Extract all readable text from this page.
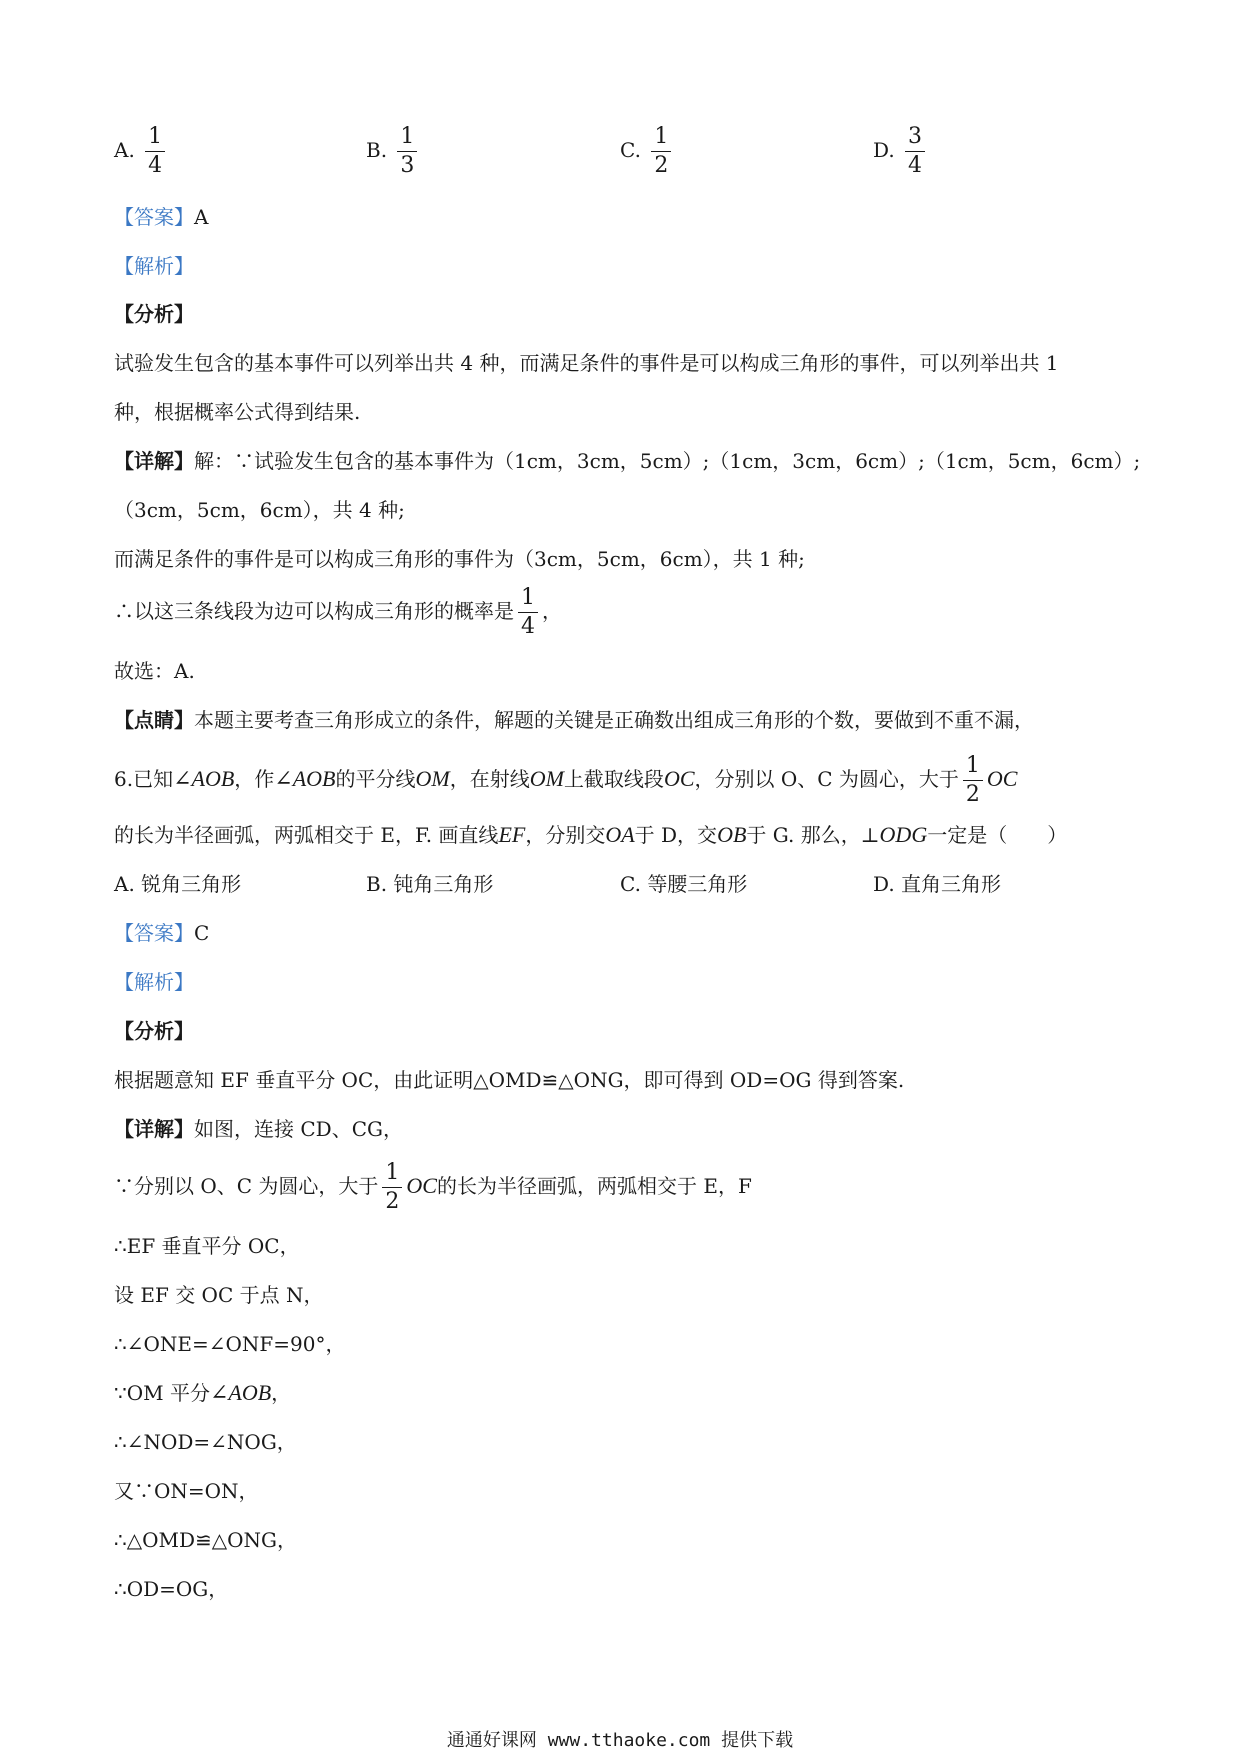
A. $\frac{1}{4}$	B. $\frac{1}{3}$	C. $\frac{1}{2}$	D. $\frac{3}{4}$
【答案】A
【解析】
【分析】
试验发生包含的基本事件可以列举出共 4 种，而满足条件的事件是可以构成三角形的事件，可以列举出共 1
种，根据概率公式得到结果.
【详解】解：∵试验发生包含的基本事件为（1cm，3cm，5cm）;（1cm，3cm，6cm）;（1cm，5cm，6cm）;
（3cm，5cm，6cm），共 4 种;
而满足条件的事件是可以构成三角形的事件为（3cm，5cm，6cm），共 1 种;
∴以这三条线段为边可以构成三角形的概率是 $\frac{1}{4}$ ，
故选：A.
【点睛】本题主要考查三角形成立的条件，解题的关键是正确数出组成三角形的个数，要做到不重不漏，
6.已知∠AOB，作∠AOB的平分线OM，在射线OM上截取线段OC，分别以 O、C 为圆心，大于 $\frac{1}{2}$ OC
的长为半径画弧，两弧相交于 E，F. 画直线EF，分别交OA于 D，交OB于 G. 那么，⊥ODG一定是（　　）
A. 锐角三角形	B. 钝角三角形	C. 等腰三角形	D. 直角三角形
【答案】C
【解析】
【分析】
根据题意知 EF 垂直平分 OC，由此证明△OMD≌△ONG，即可得到 OD=OG 得到答案.
【详解】如图，连接 CD、CG，
∵分别以 O、C 为圆心，大于 $\frac{1}{2}$ OC的长为半径画弧，两弧相交于 E，F
∴EF 垂直平分 OC，
设 EF 交 OC 于点 N，
∴∠ONE=∠ONF=90°，
∵OM 平分∠AOB，
∴∠NOD=∠NOG，
又∵ON=ON，
∴△OMD≌△ONG，
∴OD=OG，
通通好课网 www.tthaoke.com 提供下载
